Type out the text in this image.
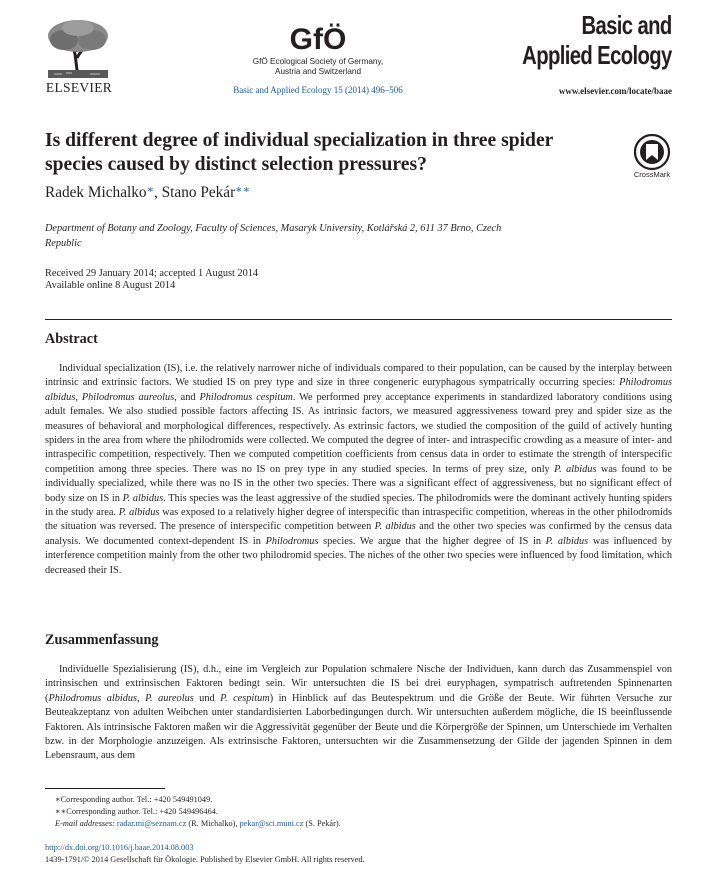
ELSEVIER
GfÖ
GfÖ Ecological Society of Germany,
Austria and Switzerland
Basic and Applied Ecology 15 (2014) 496–506
Basic and
Applied Ecology
www.elsevier.com/locate/baae
Is different degree of individual specialization in three spider species caused by distinct selection pressures?	CrossMark
Radek Michalko∗, Stano Pekár∗∗
Department of Botany and Zoology, Faculty of Sciences, Masaryk University, Kotlářská 2, 611 37 Brno, Czech Republic
Received 29 January 2014; accepted 1 August 2014
Available online 8 August 2014
Abstract
Individual specialization (IS), i.e. the relatively narrower niche of individuals compared to their population, can be caused by the interplay between intrinsic and extrinsic factors. We studied IS on prey type and size in three congeneric euryphagous sympatrically occurring species: Philodromus albidus, Philodromus aureolus, and Philodromus cespitum. We performed prey acceptance experiments in standardized laboratory conditions using adult females. We also studied possible factors affecting IS. As intrinsic factors, we measured aggressiveness toward prey and spider size as the measures of behavioral and morphological differences, respectively. As extrinsic factors, we studied the composition of the guild of actively hunting spiders in the area from where the philodromids were collected. We computed the degree of inter- and intraspecific crowding as a measure of inter- and intraspecific competition, respectively. Then we computed competition coefficients from census data in order to estimate the strength of interspecific competition among three species. There was no IS on prey type in any studied species. In terms of prey size, only P. albidus was found to be individually specialized, while there was no IS in the other two species. There was a significant effect of aggressiveness, but no significant effect of body size on IS in P. albidus. This species was the least aggressive of the studied species. The philodromids were the dominant actively hunting spiders in the study area. P. albidus was exposed to a relatively higher degree of interspecific than intraspecific competition, whereas in the other philodromids the situation was reversed. The presence of interspecific competition between P. albidus and the other two species was confirmed by the census data analysis. We documented context-dependent IS in Philodromus species. We argue that the higher degree of IS in P. albidus was influenced by interference competition mainly from the other two philodromid species. The niches of the other two species were influenced by food limitation, which decreased their IS.
Zusammenfassung
Individuelle Spezialisierung (IS), d.h., eine im Vergleich zur Population schmalere Nische der Individuen, kann durch das Zusammenspiel von intrinsischen und extrinsischen Faktoren bedingt sein. Wir untersuchten die IS bei drei euryphagen, sympatrisch auftretenden Spinnenarten (Philodromus albidus, P. aureolus und P. cespitum) in Hinblick auf das Beutespektrum und die Größe der Beute. Wir führten Versuche zur Beuteakzeptanz von adulten Weibchen unter standardisierten Laborbedingungen durch. Wir untersuchten außerdem mögliche, die IS beeinflussende Faktoren. Als intrinsische Faktoren maßen wir die Aggressivität gegenüber der Beute und die Körpergröße der Spinnen, um Unterschiede im Verhalten bzw. in der Morphologie anzuzeigen. Als extrinsische Faktoren, untersuchten wir die Zusammensetzung der Gilde der jagenden Spinnen in dem Lebensraum, aus dem
∗Corresponding author. Tel.: +420 549491049.
∗∗Corresponding author. Tel.: +420 549496464.
E-mail addresses: radar.mi@seznam.cz (R. Michalko), pekar@sci.muni.cz (S. Pekár).
http://dx.doi.org/10.1016/j.baae.2014.08.003
1439-1791/© 2014 Gesellschaft für Ökologie. Published by Elsevier GmbH. All rights reserved.
